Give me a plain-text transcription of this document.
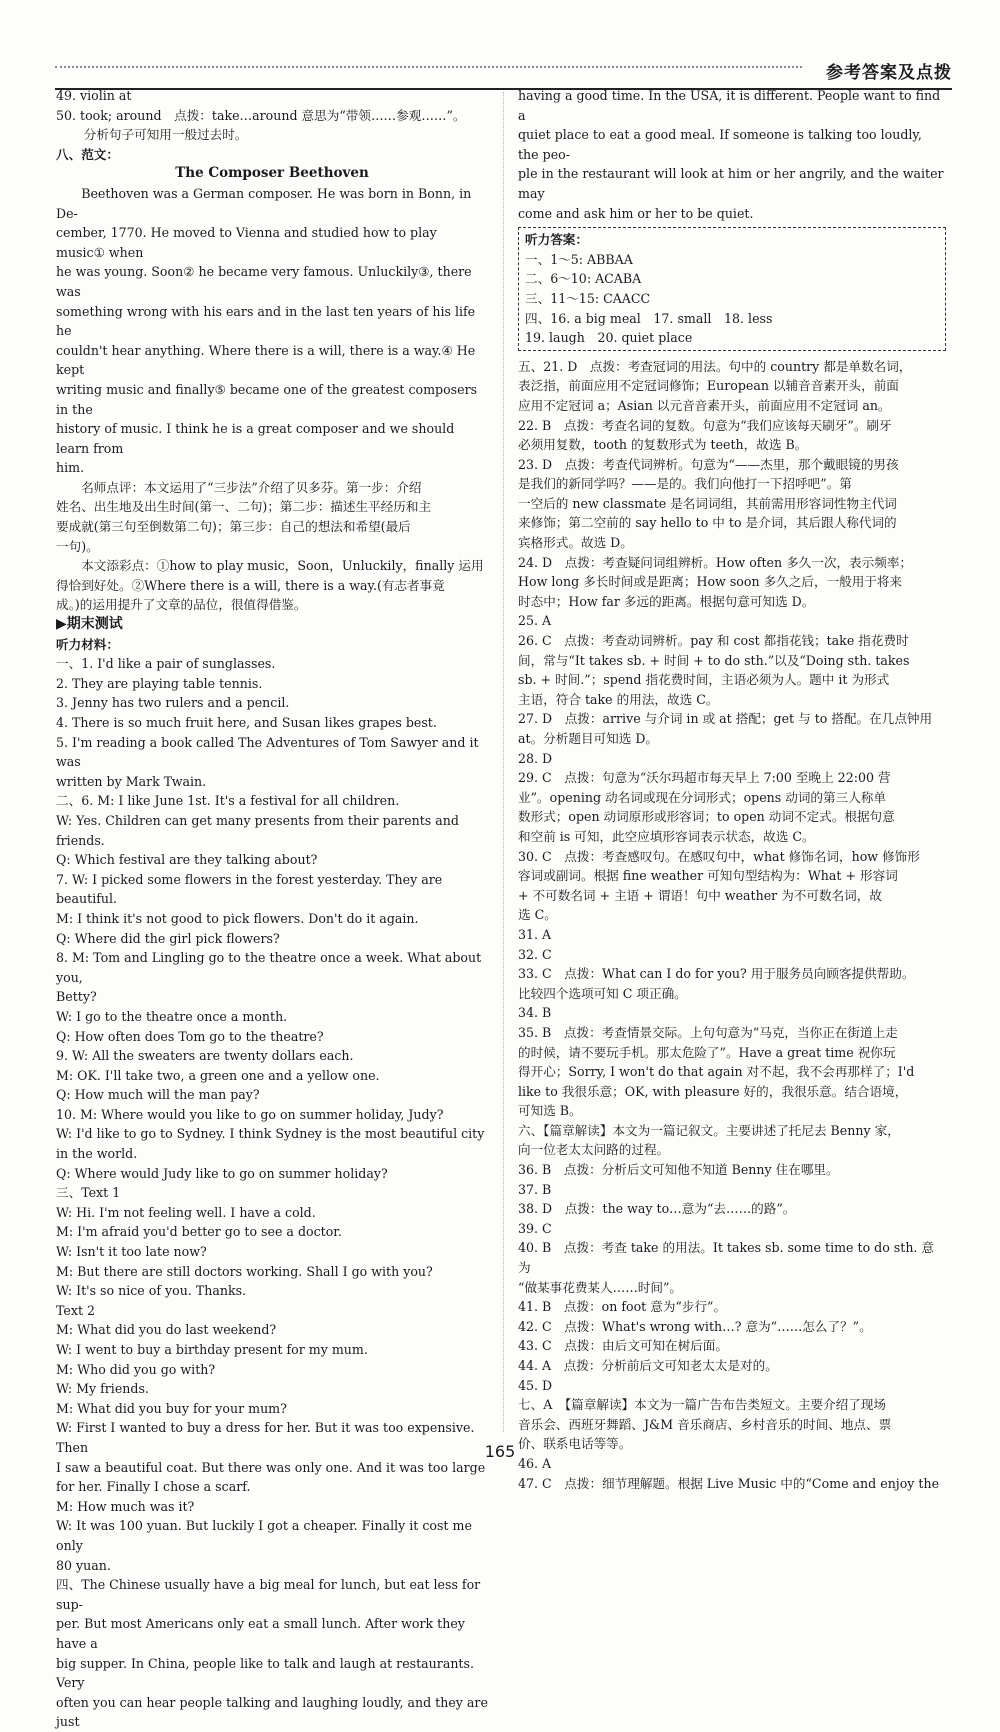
参考答案及点拨

49. violin at

50. took; around　点拨：take…around 意思为“带领……参观……”。

分析句子可知用一般过去时。

八、范文：

The Composer Beethoven

Beethoven was a German composer. He was born in Bonn, in De-

cember, 1770. He moved to Vienna and studied how to play music① when

he was young. Soon② he became very famous. Unluckily③, there was

something wrong with his ears and in the last ten years of his life he

couldn't hear anything. Where there is a will, there is a way.④ He kept

writing music and finally⑤ became one of the greatest composers in the

history of music. I think he is a great composer and we should learn from

him.

名师点评：本文运用了“三步法”介绍了贝多芬。第一步：介绍

姓名、出生地及出生时间(第一、二句)；第二步：描述生平经历和主

要成就(第三句至倒数第二句)；第三步：自己的想法和希望(最后

一句)。

本文添彩点：①how to play music，Soon，Unluckily，finally 运用

得恰到好处。②Where there is a will, there is a way.(有志者事竟

成。)的运用提升了文章的品位，很值得借鉴。

▶期末测试

听力材料：

一、1. I'd like a pair of sunglasses.

2. They are playing table tennis.

3. Jenny has two rulers and a pencil.

4. There is so much fruit here, and Susan likes grapes best.

5. I'm reading a book called The Adventures of Tom Sawyer and it was

written by Mark Twain.

二、6. M: I like June 1st. It's a festival for all children.

W: Yes. Children can get many presents from their parents and

friends.

Q: Which festival are they talking about?

7. W: I picked some flowers in the forest yesterday. They are beautiful.

M: I think it's not good to pick flowers. Don't do it again.

Q: Where did the girl pick flowers?

8. M: Tom and Lingling go to the theatre once a week. What about you,

Betty?

W: I go to the theatre once a month.

Q: How often does Tom go to the theatre?

9. W: All the sweaters are twenty dollars each.

M: OK. I'll take two, a green one and a yellow one.

Q: How much will the man pay?

10. M: Where would you like to go on summer holiday, Judy?

W: I'd like to go to Sydney. I think Sydney is the most beautiful city

in the world.

Q: Where would Judy like to go on summer holiday?

三、Text 1

W: Hi. I'm not feeling well. I have a cold.

M: I'm afraid you'd better go to see a doctor.

W: Isn't it too late now?

M: But there are still doctors working. Shall I go with you?

W: It's so nice of you. Thanks.

Text 2

M: What did you do last weekend?

W: I went to buy a birthday present for my mum.

M: Who did you go with?

W: My friends.

M: What did you buy for your mum?

W: First I wanted to buy a dress for her. But it was too expensive. Then

I saw a beautiful coat. But there was only one. And it was too large

for her. Finally I chose a scarf.

M: How much was it?

W: It was 100 yuan. But luckily I got a cheaper. Finally it cost me only

80 yuan.

四、The Chinese usually have a big meal for lunch, but eat less for sup-

per. But most Americans only eat a small lunch. After work they have a

big supper. In China, people like to talk and laugh at restaurants. Very

often you can hear people talking and laughing loudly, and they are just

having a good time. In the USA, it is different. People want to find a

quiet place to eat a good meal. If someone is talking too loudly, the peo-

ple in the restaurant will look at him or her angrily, and the waiter may

come and ask him or her to be quiet.

听力答案：

一、1～5: ABBAA

二、6～10: ACABA

三、11～15: CAACC

四、16. a big meal　17. small　18. less

19. laugh　20. quiet place

五、21. D　点拨：考查冠词的用法。句中的 country 都是单数名词，

表泛指，前面应用不定冠词修饰；European 以辅音音素开头，前面

应用不定冠词 a；Asian 以元音音素开头，前面应用不定冠词 an。

22. B　点拨：考查名词的复数。句意为“我们应该每天刷牙”。刷牙

必须用复数，tooth 的复数形式为 teeth，故选 B。

23. D　点拨：考查代词辨析。句意为“——杰里，那个戴眼镜的男孩

是我们的新同学吗？——是的。我们向他打一下招呼吧”。第

一空后的 new classmate 是名词词组，其前需用形容词性物主代词

来修饰；第二空前的 say hello to 中 to 是介词，其后跟人称代词的

宾格形式。故选 D。

24. D　点拨：考查疑问词组辨析。How often 多久一次，表示频率；

How long 多长时间或是距离；How soon 多久之后，一般用于将来

时态中；How far 多远的距离。根据句意可知选 D。

25. A

26. C　点拨：考查动词辨析。pay 和 cost 都指花钱；take 指花费时

间，常与“It takes sb. + 时间 + to do sth.”以及“Doing sth. takes

sb. + 时间.”；spend 指花费时间，主语必须为人。题中 it 为形式

主语，符合 take 的用法，故选 C。

27. D　点拨：arrive 与介词 in 或 at 搭配；get 与 to 搭配。在几点钟用

at。分析题目可知选 D。

28. D

29. C　点拨：句意为“沃尔玛超市每天早上 7:00 至晚上 22:00 营

业”。opening 动名词或现在分词形式；opens 动词的第三人称单

数形式；open 动词原形或形容词；to open 动词不定式。根据句意

和空前 is 可知，此空应填形容词表示状态，故选 C。

30. C　点拨：考查感叹句。在感叹句中，what 修饰名词，how 修饰形

容词或副词。根据 fine weather 可知句型结构为：What + 形容词

+ 不可数名词 + 主语 + 谓语！句中 weather 为不可数名词，故

选 C。

31. A

32. C

33. C　点拨：What can I do for you? 用于服务员向顾客提供帮助。

比较四个选项可知 C 项正确。

34. B

35. B　点拨：考查情景交际。上句句意为“马克，当你正在街道上走

的时候，请不要玩手机。那太危险了”。Have a great time 祝你玩

得开心；Sorry, I won't do that again 对不起，我不会再那样了；I'd

like to 我很乐意；OK, with pleasure 好的，我很乐意。结合语境，

可知选 B。

六、【篇章解读】本文为一篇记叙文。主要讲述了托尼去 Benny 家，

向一位老太太问路的过程。

36. B　点拨：分析后文可知他不知道 Benny 住在哪里。

37. B

38. D　点拨：the way to…意为“去……的路”。

39. C

40. B　点拨：考查 take 的用法。It takes sb. some time to do sth. 意为

“做某事花费某人……时间”。

41. B　点拨：on foot 意为“步行”。

42. C　点拨：What's wrong with…? 意为“……怎么了？”。

43. C　点拨：由后文可知在树后面。

44. A　点拨：分析前后文可知老太太是对的。

45. D

七、A　【篇章解读】本文为一篇广告布告类短文。主要介绍了现场

音乐会、西班牙舞蹈、J&M 音乐商店、乡村音乐的时间、地点、票

价、联系电话等等。

46. A

47. C　点拨：细节理解题。根据 Live Music 中的“Come and enjoy the

165
